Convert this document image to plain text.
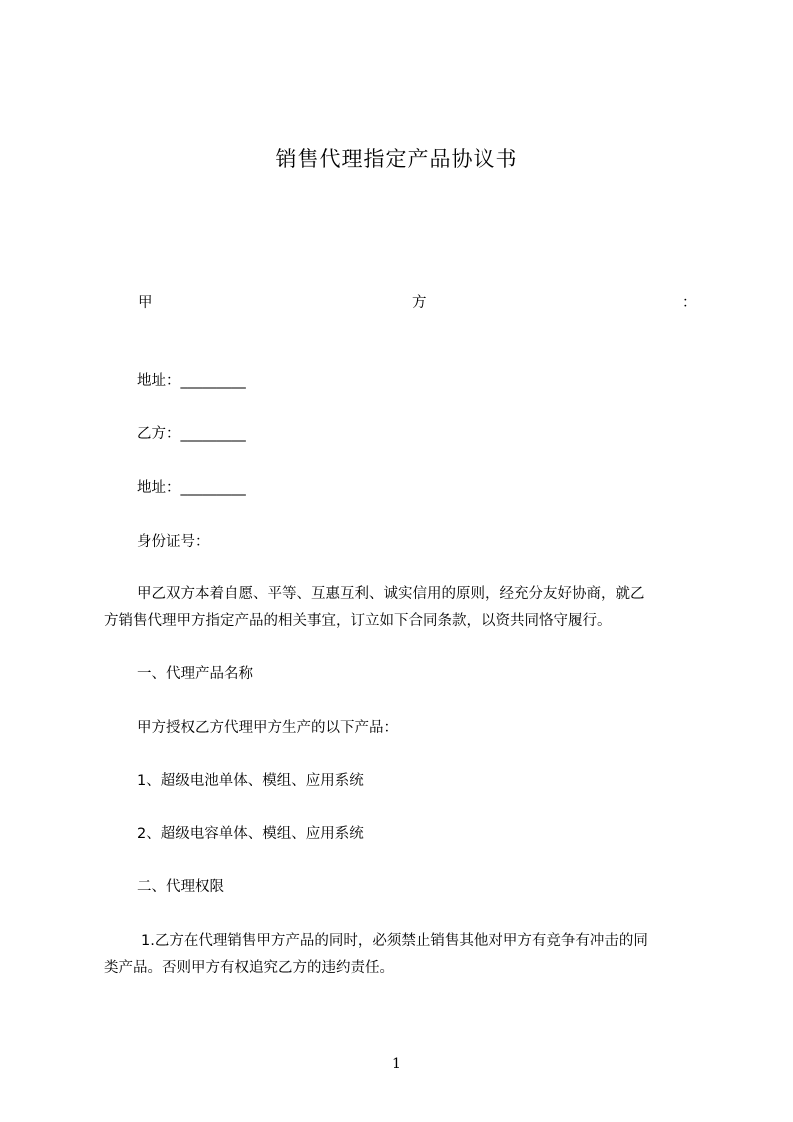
销售代理指定产品协议书
甲	方	：
地址：_________
乙方：_________
地址：_________
身份证号：
甲乙双方本着自愿、平等、互惠互利、诚实信用的原则，经充分友好协商，就乙
方销售代理甲方指定产品的相关事宜，订立如下合同条款，以资共同恪守履行。
一、代理产品名称
甲方授权乙方代理甲方生产的以下产品：
1、超级电池单体、模组、应用系统
2、超级电容单体、模组、应用系统
二、代理权限
1.乙方在代理销售甲方产品的同时，必须禁止销售其他对甲方有竞争有冲击的同
类产品。否则甲方有权追究乙方的违约责任。
1
